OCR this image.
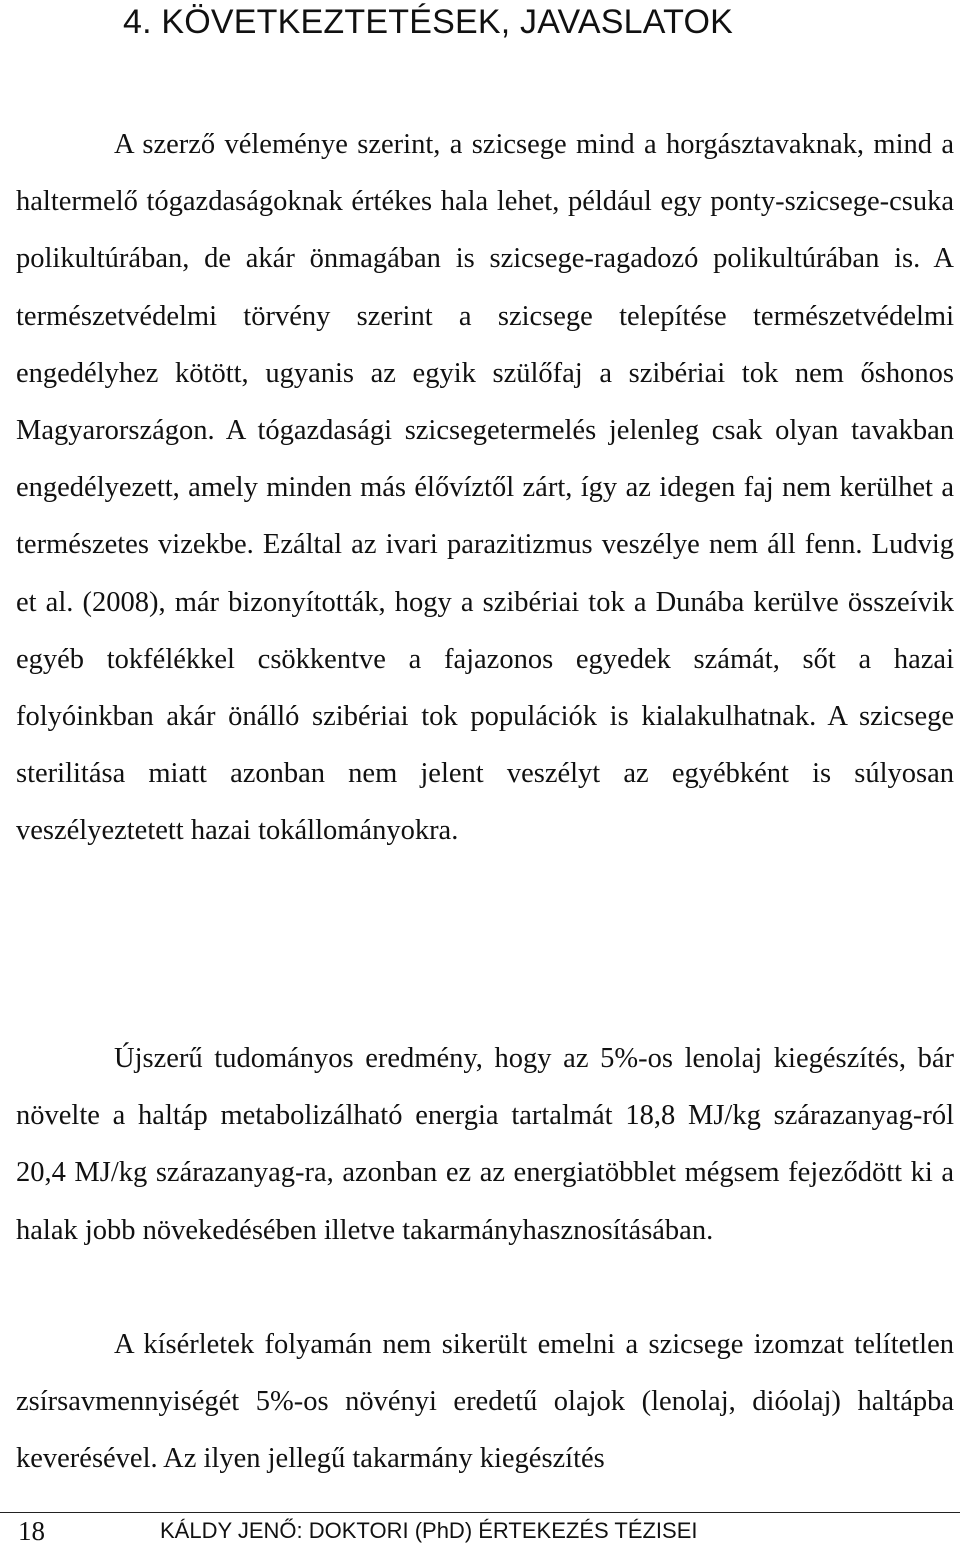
4. KÖVETKEZTETÉSEK, JAVASLATOK

A szerző véleménye szerint, a szicsege mind a horgásztavaknak, mind a haltermelő tógazdaságoknak értékes hala lehet, például egy ponty-szicsege-csuka polikultúrában, de akár önmagában is szicsege-ragadozó polikultúrában is. A természetvédelmi törvény szerint a szicsege telepítése természetvédelmi engedélyhez kötött, ugyanis az egyik szülőfaj a szibériai tok nem őshonos Magyarországon. A tógazdasági szicsegetermelés jelenleg csak olyan tavakban engedélyezett, amely minden más élővíztől zárt, így az idegen faj nem kerülhet a természetes vizekbe. Ezáltal az ivari parazitizmus veszélye nem áll fenn. Ludvig et al. (2008), már bizonyították, hogy a szibériai tok a Dunába kerülve összeívik egyéb tokfélékkel csökkentve a fajazonos egyedek számát, sőt a hazai folyóinkban akár önálló szibériai tok populációk is kialakulhatnak. A szicsege sterilitása miatt azonban nem jelent veszélyt az egyébként is súlyosan veszélyeztetett hazai tokállományokra.

Újszerű tudományos eredmény, hogy az 5%-os lenolaj kiegészítés, bár növelte a haltáp metabolizálható energia tartalmát 18,8 MJ/kg szárazanyag-ról 20,4 MJ/kg szárazanyag-ra, azonban ez az energiatöbblet mégsem fejeződött ki a halak jobb növekedésében illetve takarmányhasznosításában.

A kísérletek folyamán nem sikerült emelni a szicsege izomzat telítetlen zsírsavmennyiségét 5%-os növényi eredetű olajok (lenolaj, dióolaj) haltápba keverésével. Az ilyen jellegű takarmány kiegészítés

18	KÁLDY JENŐ: DOKTORI (PhD) ÉRTEKEZÉS TÉZISEI
